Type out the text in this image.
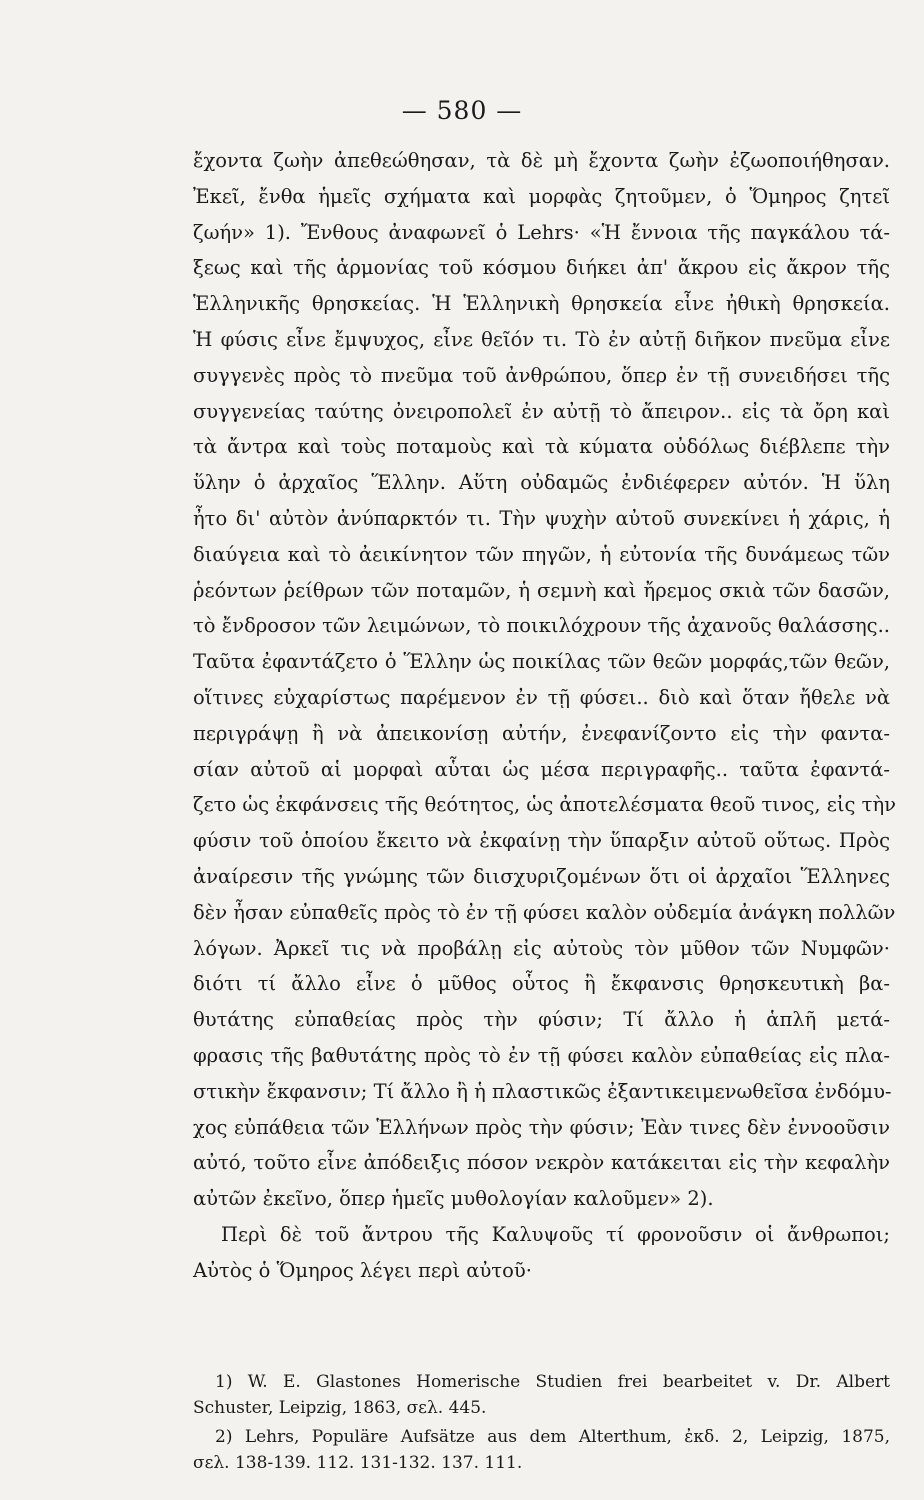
— 580 —
ἔχοντα ζωὴν ἀπεθεώθησαν, τὰ δὲ μὴ ἔχοντα ζωὴν ἐζωοποιήθησαν.
Ἐκεῖ, ἔνθα ἡμεῖς σχήματα καὶ μορφὰς ζητοῦμεν, ὁ Ὅμηρος ζητεῖ
ζωήν» 1). Ἔνθους ἀναφωνεῖ ὁ Lehrs· «Ἡ ἔννοια τῆς παγκάλου τά-
ξεως καὶ τῆς ἁρμονίας τοῦ κόσμου διήκει ἀπ' ἄκρου εἰς ἄκρον τῆς
Ἑλληνικῆς θρησκείας. Ἡ Ἑλληνικὴ θρησκεία εἶνε ἠθικὴ θρησκεία.
Ἡ φύσις εἶνε ἔμψυχος, εἶνε θεῖόν τι. Τὸ ἐν αὐτῇ διῆκον πνεῦμα εἶνε
συγγενὲς πρὸς τὸ πνεῦμα τοῦ ἀνθρώπου, ὅπερ ἐν τῇ συνειδήσει τῆς
συγγενείας ταύτης ὀνειροπολεῖ ἐν αὐτῇ τὸ ἄπειρον.. εἰς τὰ ὄρη καὶ
τὰ ἄντρα καὶ τοὺς ποταμοὺς καὶ τὰ κύματα οὐδόλως διέβλεπε τὴν
ὕλην ὁ ἀρχαῖος Ἕλλην. Αὕτη οὐδαμῶς ἐνδιέφερεν αὐτόν. Ἡ ὕλη
ἦτο δι' αὐτὸν ἀνύπαρκτόν τι. Τὴν ψυχὴν αὐτοῦ συνεκίνει ἡ χάρις, ἡ
διαύγεια καὶ τὸ ἀεικίνητον τῶν πηγῶν, ἡ εὐτονία τῆς δυνάμεως τῶν
ῥεόντων ῥείθρων τῶν ποταμῶν, ἡ σεμνὴ καὶ ἤρεμος σκιὰ τῶν δασῶν,
τὸ ἔνδροσον τῶν λειμώνων, τὸ ποικιλόχρουν τῆς ἀχανοῦς θαλάσσης..
Ταῦτα ἐφαντάζετο ὁ Ἕλλην ὡς ποικίλας τῶν θεῶν μορφάς,τῶν θεῶν,
οἵτινες εὐχαρίστως παρέμενον ἐν τῇ φύσει.. διὸ καὶ ὅταν ἤθελε νὰ
περιγράψῃ ἢ νὰ ἀπεικονίσῃ αὐτήν, ἐνεφανίζοντο εἰς τὴν φαντα-
σίαν αὐτοῦ αἱ μορφαὶ αὗται ὡς μέσα περιγραφῆς.. ταῦτα ἐφαντά-
ζετο ὡς ἐκφάνσεις τῆς θεότητος, ὡς ἀποτελέσματα θεοῦ τινος, εἰς τὴν
φύσιν τοῦ ὁποίου ἔκειτο νὰ ἐκφαίνῃ τὴν ὕπαρξιν αὐτοῦ οὕτως. Πρὸς
ἀναίρεσιν τῆς γνώμης τῶν διισχυριζομένων ὅτι οἱ ἀρχαῖοι Ἕλληνες
δὲν ἦσαν εὐπαθεῖς πρὸς τὸ ἐν τῇ φύσει καλὸν οὐδεμία ἀνάγκη πολλῶν
λόγων. Ἀρκεῖ τις νὰ προβάλῃ εἰς αὐτοὺς τὸν μῦθον τῶν Νυμφῶν·
διότι τί ἄλλο εἶνε ὁ μῦθος οὗτος ἢ ἔκφανσις θρησκευτικὴ βα-
θυτάτης εὐπαθείας πρὸς τὴν φύσιν; Τί ἄλλο ἡ ἁπλῆ μετά-
φρασις τῆς βαθυτάτης πρὸς τὸ ἐν τῇ φύσει καλὸν εὐπαθείας εἰς πλα-
στικὴν ἔκφανσιν; Τί ἄλλο ἢ ἡ πλαστικῶς ἐξαντικειμενωθεῖσα ἐνδόμυ-
χος εὐπάθεια τῶν Ἑλλήνων πρὸς τὴν φύσιν; Ἐὰν τινες δὲν ἐννοοῦσιν
αὐτό, τοῦτο εἶνε ἀπόδειξις πόσον νεκρὸν κατάκειται εἰς τὴν κεφαλὴν
αὐτῶν ἐκεῖνο, ὅπερ ἡμεῖς μυθολογίαν καλοῦμεν» 2).
Περὶ δὲ τοῦ ἄντρου τῆς Καλυψοῦς τί φρονοῦσιν οἱ ἄνθρωποι;
Αὐτὸς ὁ Ὅμηρος λέγει περὶ αὐτοῦ·
1) W. E. Glastones Homerische Studien frei bearbeitet v. Dr. Albert
Schuster, Leipzig, 1863, σελ. 445.
2) Lehrs, Populäre Aufsätze aus dem Alterthum, ἐκδ. 2, Leipzig, 1875,
σελ. 138-139. 112. 131-132. 137. 111.
